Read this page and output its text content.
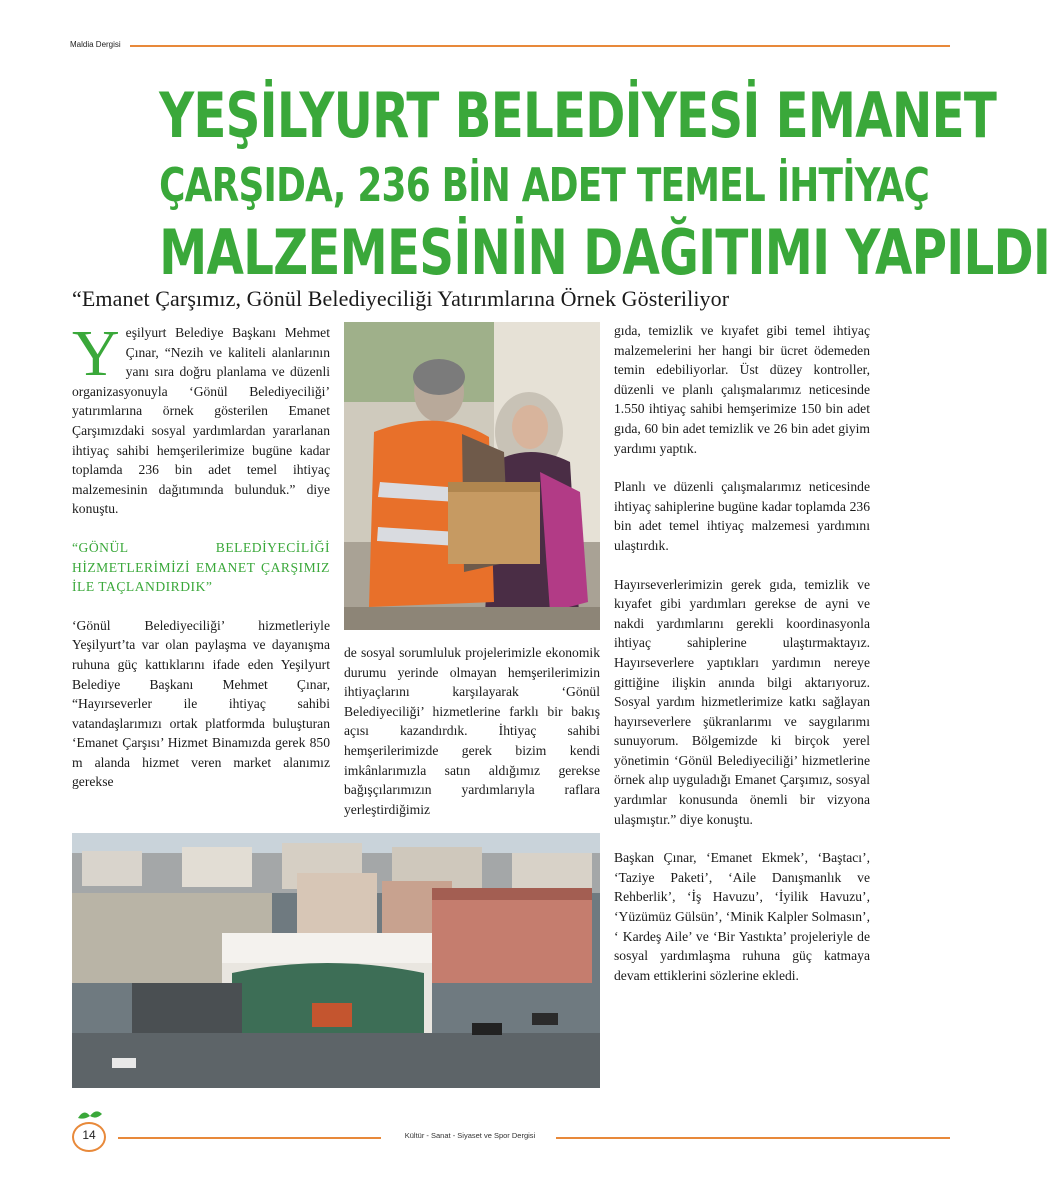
Maldia Dergisi
YEŞİLYURT BELEDİYESİ EMANET
ÇARŞIDA, 236 BİN ADET TEMEL İHTİYAÇ
MALZEMESİNİN DAĞITIMI YAPILDI
“Emanet Çarşımız, Gönül Belediyeciliği Yatırımlarına Örnek Gösteriliyor

Yeşilyurt Belediye Başkanı Mehmet Çınar, “Nezih ve kaliteli alanlarının yanı sıra doğru planlama ve düzenli organizasyonuyla ‘Gönül Belediyeciliği’ yatırımlarına örnek gösterilen Emanet Çarşımızdaki sosyal yardımlardan yararlanan ihtiyaç sahibi hemşerilerimize bugüne kadar toplamda 236 bin adet temel ihtiyaç malzemesinin dağıtımında bulunduk.” diye konuştu.

“GÖNÜL BELEDİYECİLİĞİ HİZMETLERİMİZİ EMANET ÇARŞIMIZ İLE TAÇLANDIRDIK”

‘Gönül Belediyeciliği’ hizmetleriyle Yeşilyurt’ta var olan paylaşma ve dayanışma ruhuna güç kattıklarını ifade eden Yeşilyurt Belediye Başkanı Mehmet Çınar, “Hayırseverler ile ihtiyaç sahibi vatandaşlarımızı ortak platformda buluşturan ‘Emanet Çarşısı’ Hizmet Binamızda gerek 850 m alanda hizmet veren market alanımız gerekse

de sosyal sorumluluk projelerimizle ekonomik durumu yerinde olmayan hemşerilerimizin ihtiyaçlarını karşılayarak ‘Gönül Belediyeciliği’ hizmetlerine farklı bir bakış açısı kazandırdık. İhtiyaç sahibi hemşerilerimizde gerek bizim kendi imkânlarımızla satın aldığımız gerekse bağışçılarımızın yardımlarıyla raflara yerleştirdiğimiz

gıda, temizlik ve kıyafet gibi temel ihtiyaç malzemelerini her hangi bir ücret ödemeden temin edebiliyorlar. Üst düzey kontroller, düzenli ve planlı çalışmalarımız neticesinde 1.550 ihtiyaç sahibi hemşerimize 150 bin adet gıda, 60 bin adet temizlik ve 26 bin adet giyim yardımı yaptık.

Planlı ve düzenli çalışmalarımız neticesinde ihtiyaç sahiplerine bugüne kadar toplamda 236 bin adet temel ihtiyaç malzemesi yardımını ulaştırdık.

Hayırseverlerimizin gerek gıda, temizlik ve kıyafet gibi yardımları gerekse de ayni ve nakdi yardımlarını gerekli koordinasyonla ihtiyaç sahiplerine ulaştırmaktayız. Hayırseverlere yaptıkları yardımın nereye gittiğine ilişkin anında bilgi aktarıyoruz. Sosyal yardım hizmetlerimize katkı sağlayan hayırseverlere şükranlarımı ve saygılarımı sunuyorum. Bölgemizde ki birçok yerel yönetimin ‘Gönül Belediyeciliği’ hizmetlerine örnek alıp uyguladığı Emanet Çarşımız, sosyal yardımlar konusunda önemli bir vizyona ulaşmıştır.” diye konuştu.

Başkan Çınar, ‘Emanet Ekmek’, ‘Baştacı’, ‘Taziye Paketi’, ‘Aile Danışmanlık ve Rehberlik’, ‘İş Havuzu’, ‘İyilik Havuzu’, ‘Yüzümüz Gülsün’, ‘Minik Kalpler Solmasın’, ‘ Kardeş Aile’ ve ‘Bir Yastıkta’ projeleriyle de sosyal yardımlaşma ruhuna güç katmaya devam ettiklerini sözlerine ekledi.

14	Kültür - Sanat - Siyaset ve Spor Dergisi
